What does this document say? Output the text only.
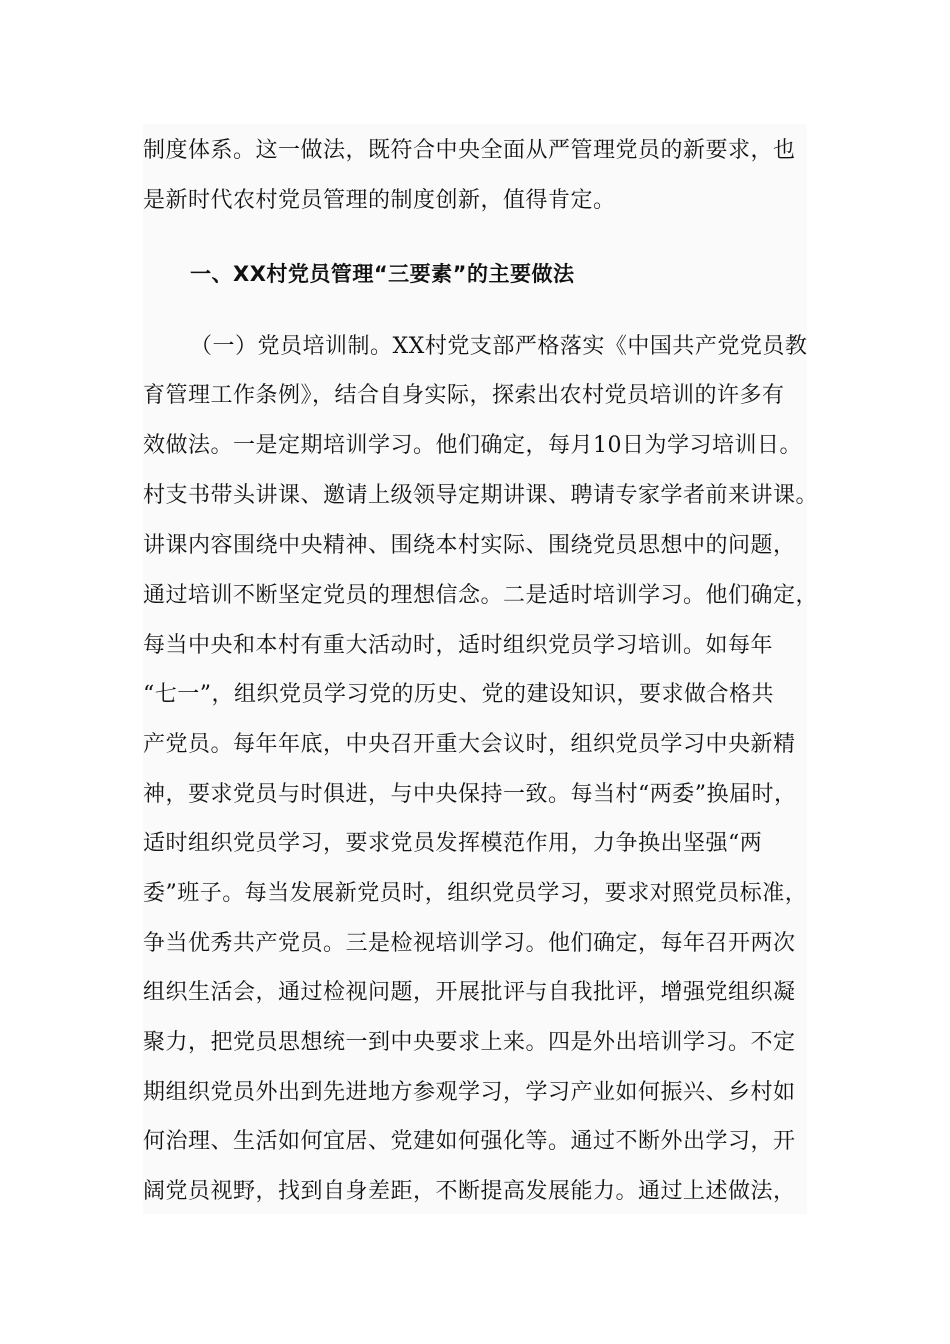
制度体系。这一做法，既符合中央全面从严管理党员的新要求，也
是新时代农村党员管理的制度创新，值得肯定。
一、XX村党员管理“三要素”的主要做法
（一）党员培训制。XX村党支部严格落实《中国共产党党员教
育管理工作条例》，结合自身实际，探索出农村党员培训的许多有
效做法。一是定期培训学习。他们确定，每月10日为学习培训日。
村支书带头讲课、邀请上级领导定期讲课、聘请专家学者前来讲课。
讲课内容围绕中央精神、围绕本村实际、围绕党员思想中的问题，
通过培训不断坚定党员的理想信念。二是适时培训学习。他们确定，
每当中央和本村有重大活动时，适时组织党员学习培训。如每年
“七一”，组织党员学习党的历史、党的建设知识，要求做合格共
产党员。每年年底，中央召开重大会议时，组织党员学习中央新精
神，要求党员与时俱进，与中央保持一致。每当村“两委”换届时，
适时组织党员学习，要求党员发挥模范作用，力争换出坚强“两
委”班子。每当发展新党员时，组织党员学习，要求对照党员标准，
争当优秀共产党员。三是检视培训学习。他们确定，每年召开两次
组织生活会，通过检视问题，开展批评与自我批评，增强党组织凝
聚力，把党员思想统一到中央要求上来。四是外出培训学习。不定
期组织党员外出到先进地方参观学习，学习产业如何振兴、乡村如
何治理、生活如何宜居、党建如何强化等。通过不断外出学习，开
阔党员视野，找到自身差距，不断提高发展能力。通过上述做法，
